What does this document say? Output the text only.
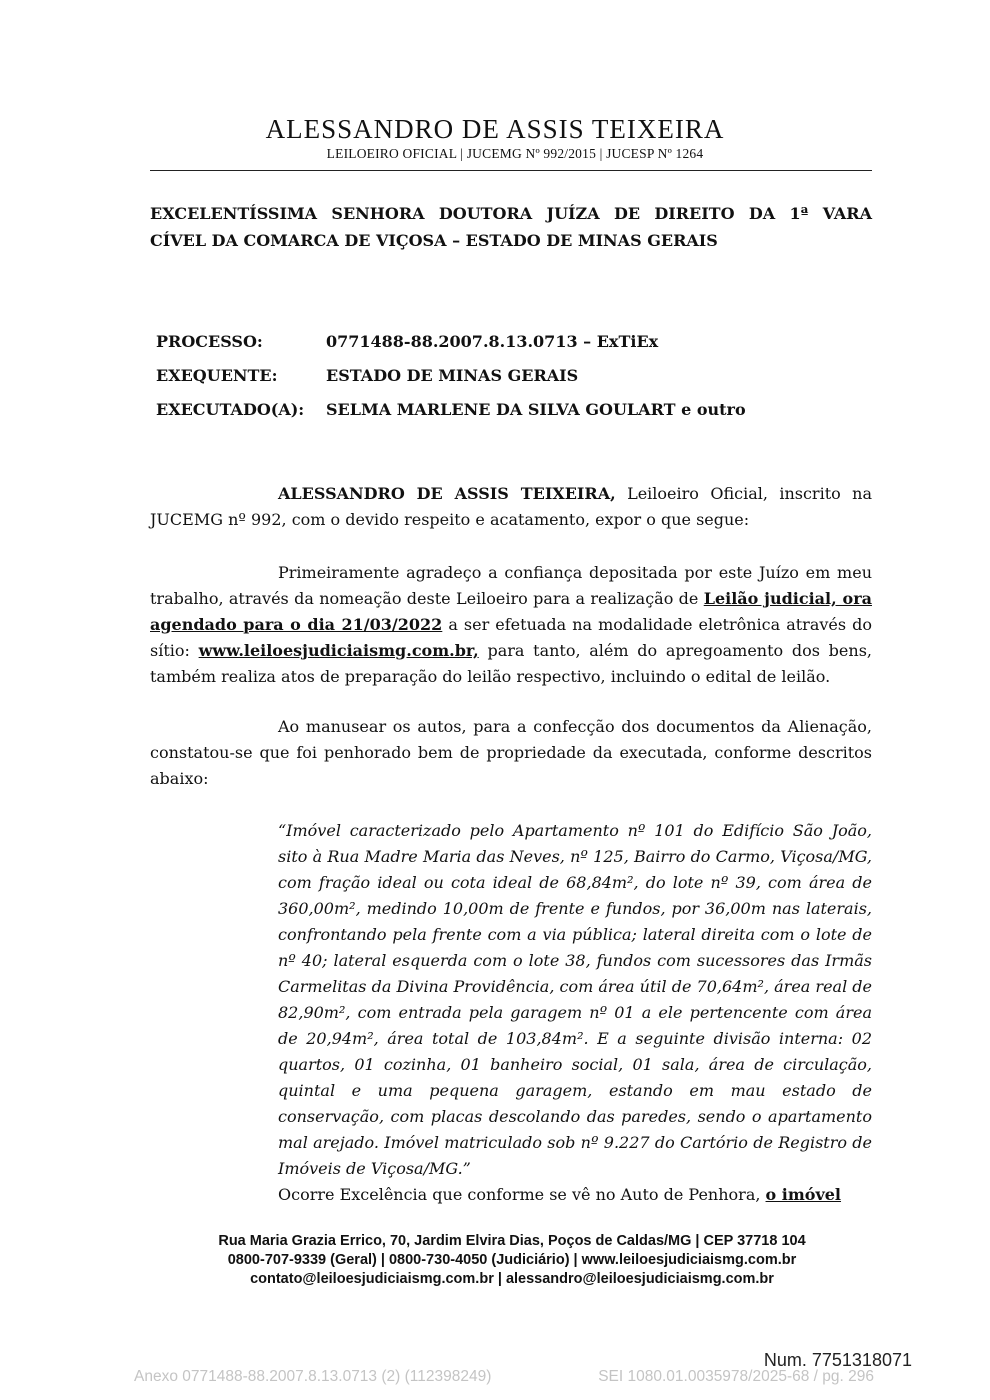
ALESSANDRO DE ASSIS TEIXEIRA
LEILOEIRO OFICIAL | JUCEMG Nº 992/2015 | JUCESP Nº 1264
EXCELENTÍSSIMA SENHORA DOUTORA JUÍZA DE DIREITO DA 1ª VARA
CÍVEL DA COMARCA DE VIÇOSA – ESTADO DE MINAS GERAIS
PROCESSO:	0771488-88.2007.8.13.0713 – ExTiEx
EXEQUENTE:	ESTADO DE MINAS GERAIS
EXECUTADO(A):	SELMA MARLENE DA SILVA GOULART e outro
ALESSANDRO DE ASSIS TEIXEIRA, Leiloeiro Oficial, inscrito na JUCEMG nº 992, com o devido respeito e acatamento, expor o que segue:
Primeiramente agradeço a confiança depositada por este Juízo em meu trabalho, através da nomeação deste Leiloeiro para a realização de Leilão judicial, ora agendado para o dia 21/03/2022 a ser efetuada na modalidade eletrônica através do sítio: www.leiloesjudiciaismg.com.br, para tanto, além do apregoamento dos bens, também realiza atos de preparação do leilão respectivo, incluindo o edital de leilão.
Ao manusear os autos, para a confecção dos documentos da Alienação, constatou-se que foi penhorado bem de propriedade da executada, conforme descritos abaixo:
“Imóvel caracterizado pelo Apartamento nº 101 do Edifício São João, sito à Rua Madre Maria das Neves, nº 125, Bairro do Carmo, Viçosa/MG, com fração ideal ou cota ideal de 68,84m², do lote nº 39, com área de 360,00m², medindo 10,00m de frente e fundos, por 36,00m nas laterais, confrontando pela frente com a via pública; lateral direita com o lote de nº 40; lateral esquerda com o lote 38, fundos com sucessores das Irmãs Carmelitas da Divina Providência, com área útil de 70,64m², área real de 82,90m², com entrada pela garagem nº 01 a ele pertencente com área de 20,94m², área total de 103,84m². E a seguinte divisão interna: 02 quartos, 01 cozinha, 01 banheiro social, 01 sala, área de circulação, quintal e uma pequena garagem, estando em mau estado de conservação, com placas descolando das paredes, sendo o apartamento mal arejado. Imóvel matriculado sob nº 9.227 do Cartório de Registro de Imóveis de Viçosa/MG.”
Ocorre Excelência que conforme se vê no Auto de Penhora, o imóvel
Rua Maria Grazia Errico, 70, Jardim Elvira Dias, Poços de Caldas/MG | CEP 37718 104
0800-707-9339 (Geral) | 0800-730-4050 (Judiciário) | www.leiloesjudiciaismg.com.br
contato@leiloesjudiciaismg.com.br | alessandro@leiloesjudiciaismg.com.br
Num. 7751318071
Anexo 0771488-88.2007.8.13.0713 (2) (112398249)	SEI 1080.01.0035978/2025-68 / pg. 296
